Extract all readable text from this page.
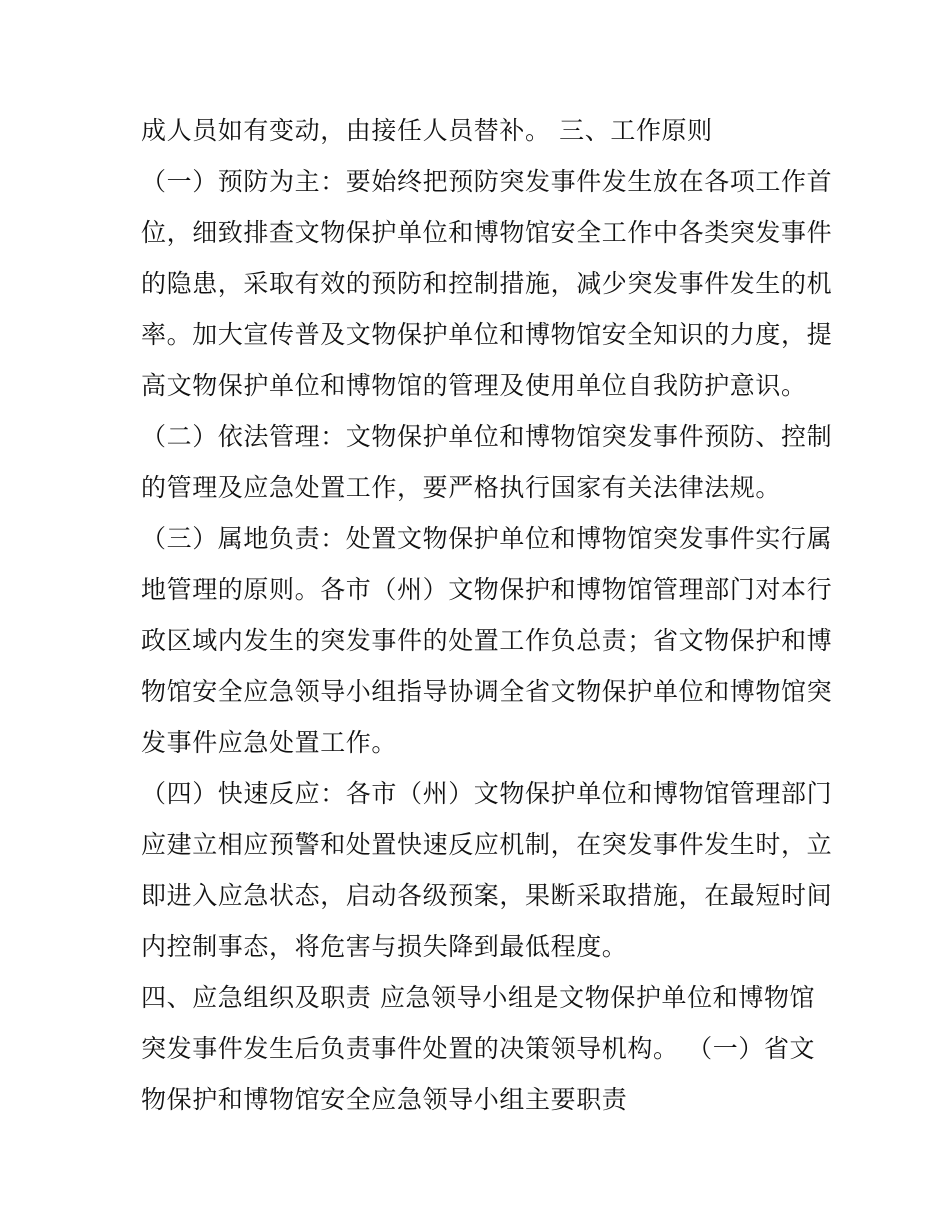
成人员如有变动，由接任人员替补。 三、工作原则
（一）预防为主：要始终把预防突发事件发生放在各项工作首
位，细致排查文物保护单位和博物馆安全工作中各类突发事件
的隐患，采取有效的预防和控制措施，减少突发事件发生的机
率。加大宣传普及文物保护单位和博物馆安全知识的力度，提
高文物保护单位和博物馆的管理及使用单位自我防护意识。
（二）依法管理：文物保护单位和博物馆突发事件预防、控制
的管理及应急处置工作，要严格执行国家有关法律法规。
（三）属地负责：处置文物保护单位和博物馆突发事件实行属
地管理的原则。各市（州）文物保护和博物馆管理部门对本行
政区域内发生的突发事件的处置工作负总责；省文物保护和博
物馆安全应急领导小组指导协调全省文物保护单位和博物馆突
发事件应急处置工作。
（四）快速反应：各市（州）文物保护单位和博物馆管理部门
应建立相应预警和处置快速反应机制，在突发事件发生时，立
即进入应急状态，启动各级预案，果断采取措施，在最短时间
内控制事态，将危害与损失降到最低程度。
四、应急组织及职责 应急领导小组是文物保护单位和博物馆
突发事件发生后负责事件处置的决策领导机构。 （一）省文
物保护和博物馆安全应急领导小组主要职责
